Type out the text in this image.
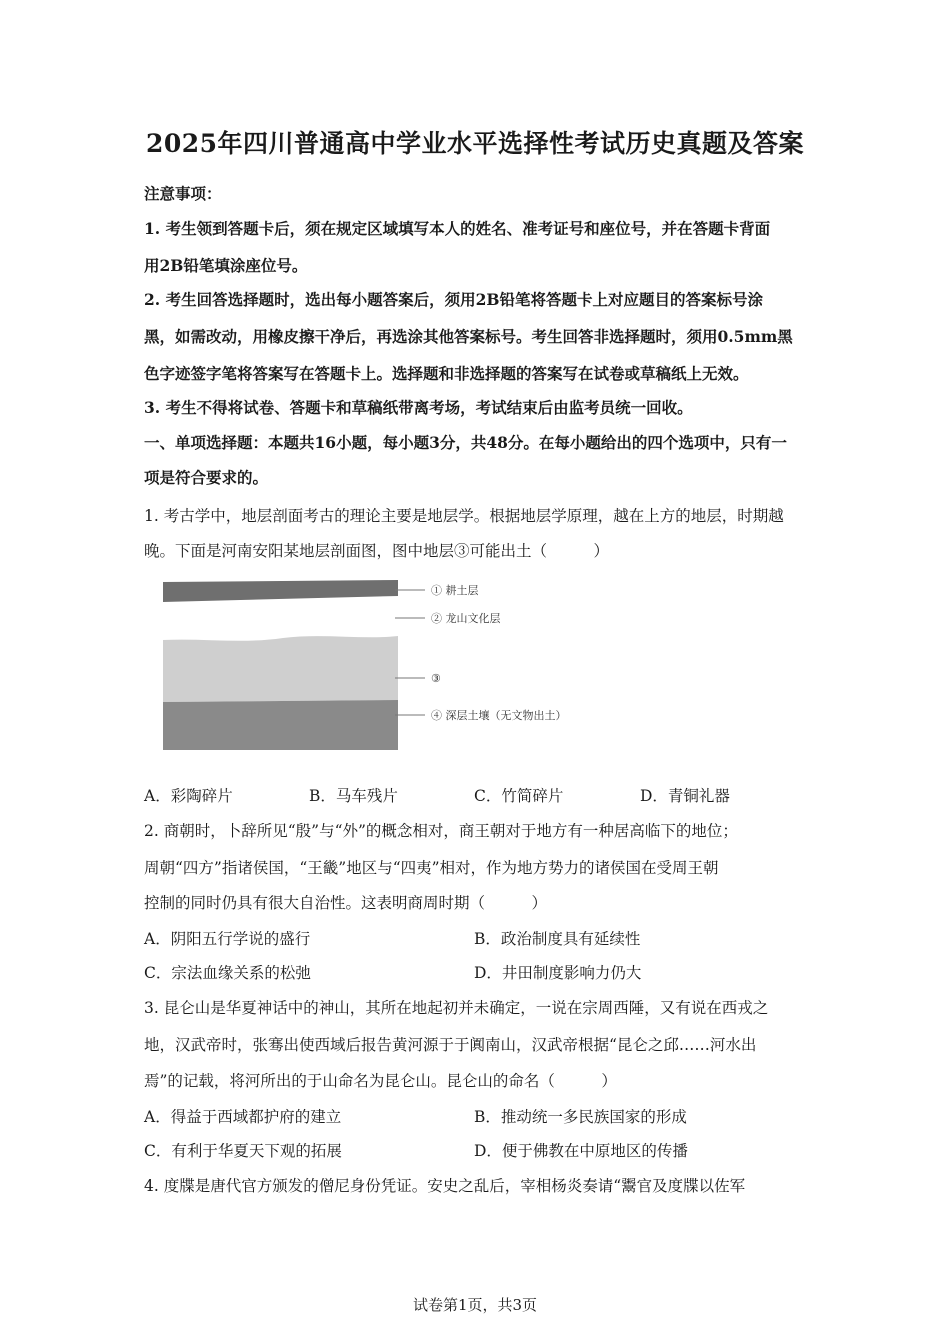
2025年四川普通高中学业水平选择性考试历史真题及答案
注意事项：
1. 考生领到答题卡后，须在规定区域填写本人的姓名、准考证号和座位号，并在答题卡背面
用2B铅笔填涂座位号。
2. 考生回答选择题时，选出每小题答案后，须用2B铅笔将答题卡上对应题目的答案标号涂
黑，如需改动，用橡皮擦干净后，再选涂其他答案标号。考生回答非选择题时，须用0.5mm黑
色字迹签字笔将答案写在答题卡上。选择题和非选择题的答案写在试卷或草稿纸上无效。
3. 考生不得将试卷、答题卡和草稿纸带离考场，考试结束后由监考员统一回收。
一、单项选择题：本题共16小题，每小题3分，共48分。在每小题给出的四个选项中，只有一
项是符合要求的。
1. 考古学中，地层剖面考古的理论主要是地层学。根据地层学原理，越在上方的地层，时期越
晚。下面是河南安阳某地层剖面图，图中地层③可能出土（　　　）
① 耕土层
② 龙山文化层
③
④ 深层土壤（无文物出土）
A．彩陶碎片	B．马车残片	C．竹简碎片	D．青铜礼器
2. 商朝时，卜辞所见“殷”与“外”的概念相对，商王朝对于地方有一种居高临下的地位；
周朝“四方”指诸侯国，“王畿”地区与“四夷”相对，作为地方势力的诸侯国在受周王朝
控制的同时仍具有很大自治性。这表明商周时期（　　　）
A．阴阳五行学说的盛行	B．政治制度具有延续性
C．宗法血缘关系的松弛	D．井田制度影响力仍大
3. 昆仑山是华夏神话中的神山，其所在地起初并未确定，一说在宗周西陲，又有说在西戎之
地，汉武帝时，张骞出使西域后报告黄河源于于阗南山，汉武帝根据“昆仑之邱……河水出
焉”的记载，将河所出的于山命名为昆仑山。昆仑山的命名（　　　）
A．得益于西域都护府的建立	B．推动统一多民族国家的形成
C．有利于华夏天下观的拓展	D．便于佛教在中原地区的传播
4. 度牒是唐代官方颁发的僧尼身份凭证。安史之乱后，宰相杨炎奏请“鬻官及度牒以佐军
试卷第1页，共3页
